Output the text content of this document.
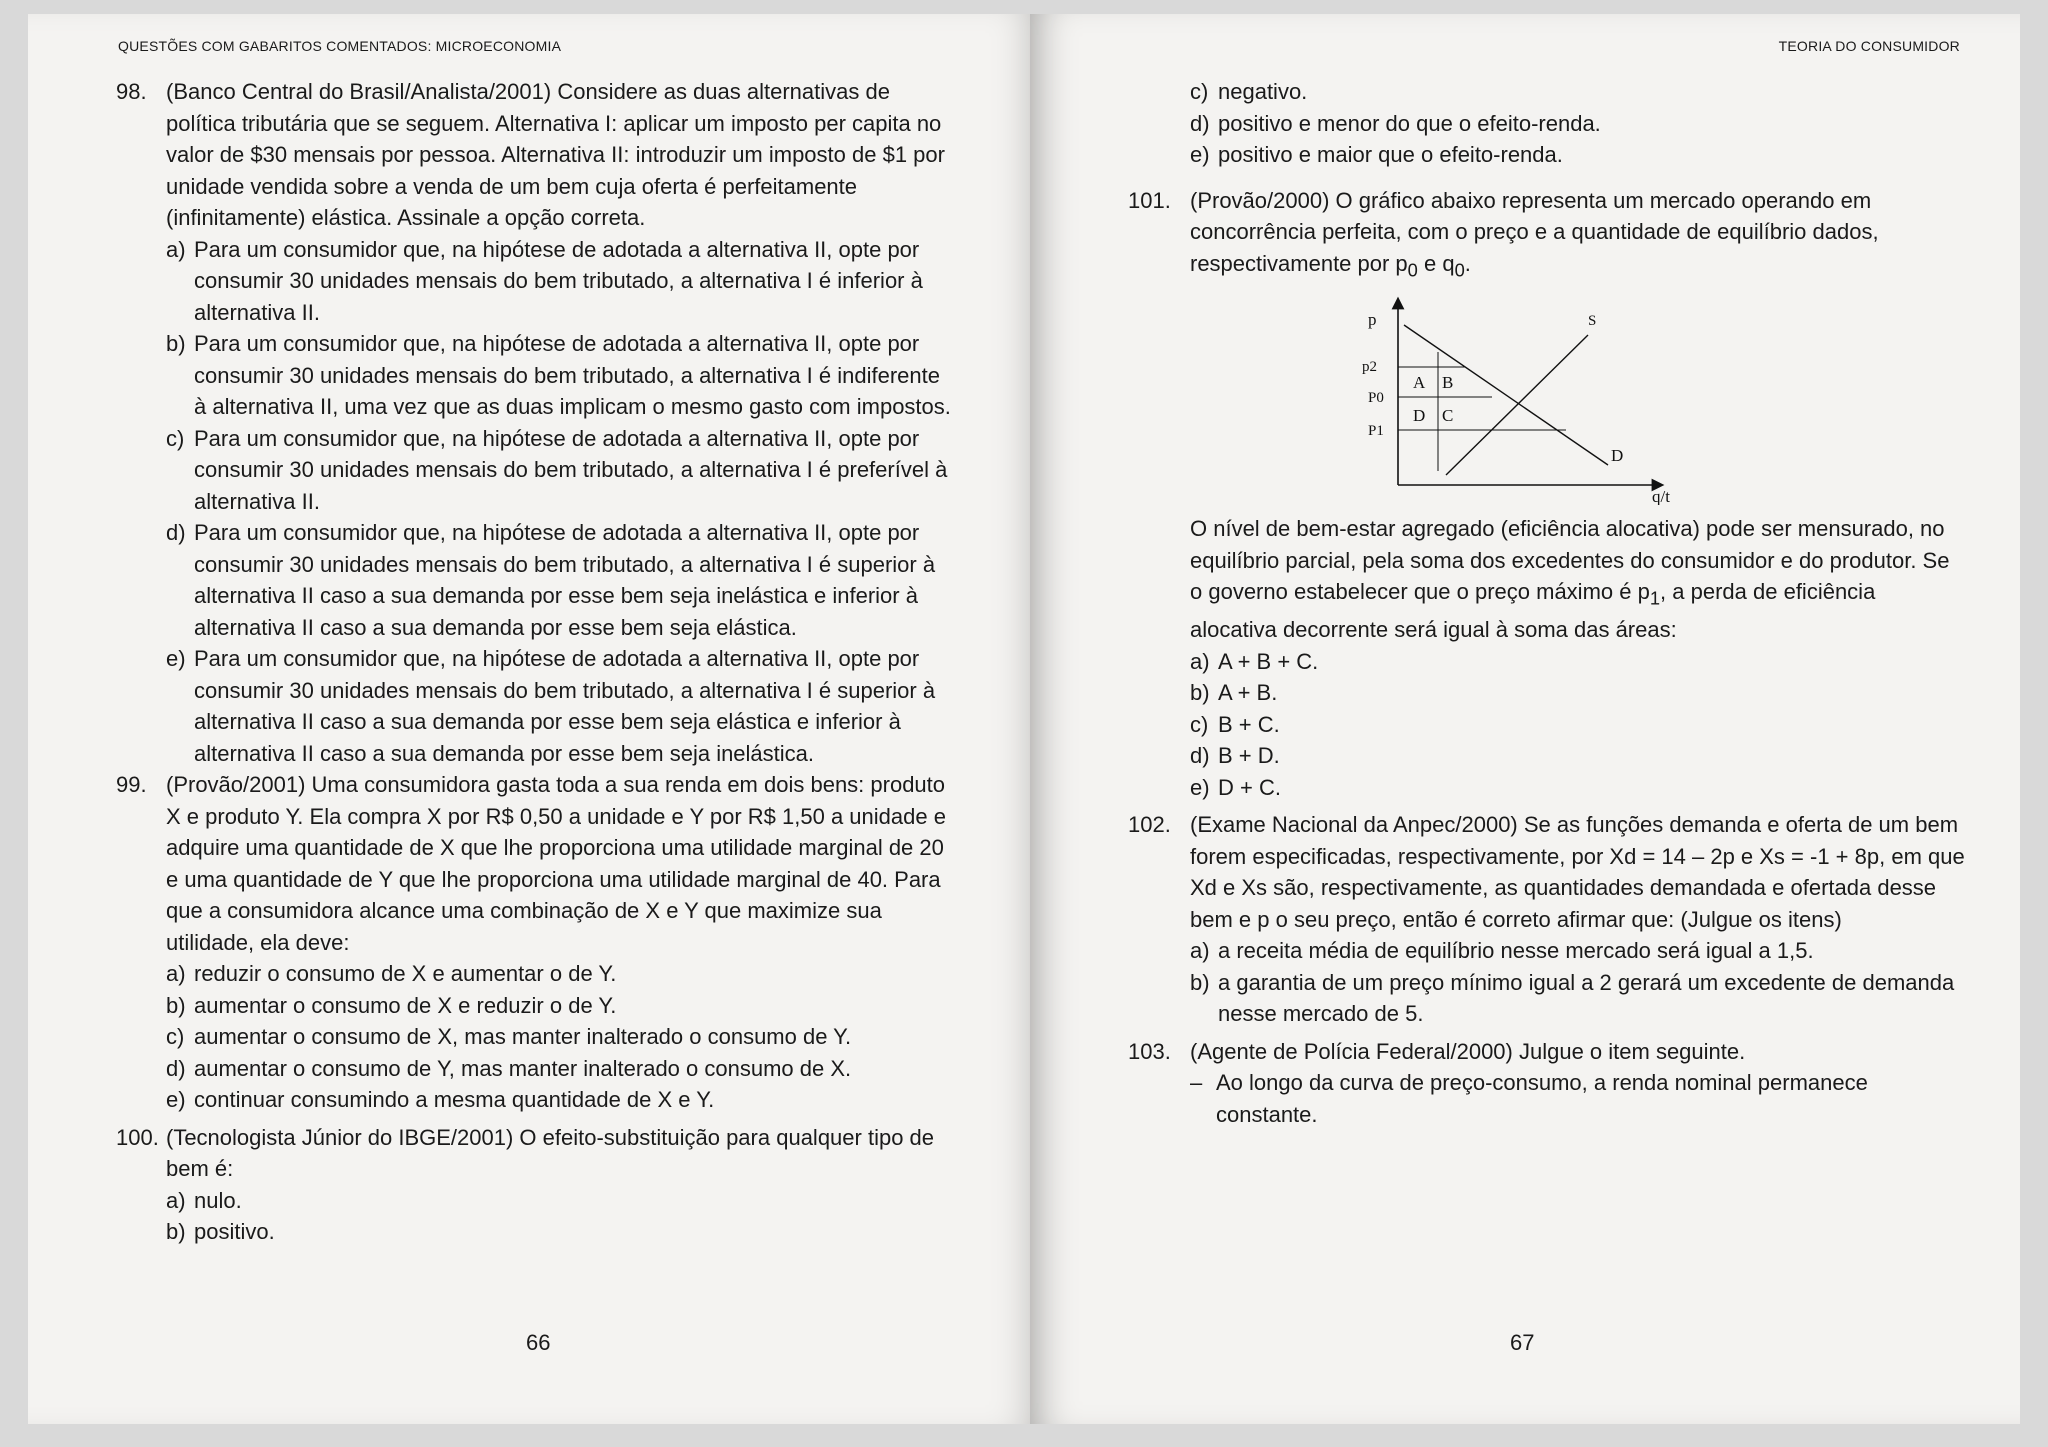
QUESTÕES COM GABARITOS COMENTADOS: MICROECONOMIA
98. (Banco Central do Brasil/Analista/2001) Considere as duas alternativas de política tributária que se seguem. Alternativa I: aplicar um imposto per capita no valor de $30 mensais por pessoa. Alternativa II: introduzir um imposto de $1 por unidade vendida sobre a venda de um bem cuja oferta é perfeitamente (infinitamente) elástica. Assinale a opção correta.
a) Para um consumidor que, na hipótese de adotada a alternativa II, opte por consumir 30 unidades mensais do bem tributado, a alternativa I é inferior à alternativa II.
b) Para um consumidor que, na hipótese de adotada a alternativa II, opte por consumir 30 unidades mensais do bem tributado, a alternativa I é indiferente à alternativa II, uma vez que as duas implicam o mesmo gasto com impostos.
c) Para um consumidor que, na hipótese de adotada a alternativa II, opte por consumir 30 unidades mensais do bem tributado, a alternativa I é preferível à alternativa II.
d) Para um consumidor que, na hipótese de adotada a alternativa II, opte por consumir 30 unidades mensais do bem tributado, a alternativa I é superior à alternativa II caso a sua demanda por esse bem seja inelástica e inferior à alternativa II caso a sua demanda por esse bem seja elástica.
e) Para um consumidor que, na hipótese de adotada a alternativa II, opte por consumir 30 unidades mensais do bem tributado, a alternativa I é superior à alternativa II caso a sua demanda por esse bem seja elástica e inferior à alternativa II caso a sua demanda por esse bem seja inelástica.
99. (Provão/2001) Uma consumidora gasta toda a sua renda em dois bens: produto X e produto Y. Ela compra X por R$ 0,50 a unidade e Y por R$ 1,50 a unidade e adquire uma quantidade de X que lhe proporciona uma utilidade marginal de 20 e uma quantidade de Y que lhe proporciona uma utilidade marginal de 40. Para que a consumidora alcance uma combinação de X e Y que maximize sua utilidade, ela deve:
a) reduzir o consumo de X e aumentar o de Y.
b) aumentar o consumo de X e reduzir o de Y.
c) aumentar o consumo de X, mas manter inalterado o consumo de Y.
d) aumentar o consumo de Y, mas manter inalterado o consumo de X.
e) continuar consumindo a mesma quantidade de X e Y.
100. (Tecnologista Júnior do IBGE/2001) O efeito-substituição para qualquer tipo de bem é:
a) nulo.
b) positivo.
66
TEORIA DO CONSUMIDOR
c) negativo.
d) positivo e menor do que o efeito-renda.
e) positivo e maior que o efeito-renda.
101. (Provão/2000) O gráfico abaixo representa um mercado operando em concorrência perfeita, com o preço e a quantidade de equilíbrio dados, respectivamente por $p_0$ e $q_0$.
p
q/t
p2
P0
P1
S
D
A B
D C
O nível de bem-estar agregado (eficiência alocativa) pode ser mensurado, no equilíbrio parcial, pela soma dos excedentes do consumidor e do produtor. Se o governo estabelecer que o preço máximo é $p_1$, a perda de eficiência alocativa decorrente será igual à soma das áreas:
a) A + B + C.
b) A + B.
c) B + C.
d) B + D.
e) D + C.
102. (Exame Nacional da Anpec/2000) Se as funções demanda e oferta de um bem forem especificadas, respectivamente, por Xd = 14 – 2p e Xs = -1 + 8p, em que Xd e Xs são, respectivamente, as quantidades demandada e ofertada desse bem e p o seu preço, então é correto afirmar que: (Julgue os itens)
a) a receita média de equilíbrio nesse mercado será igual a 1,5.
b) a garantia de um preço mínimo igual a 2 gerará um excedente de demanda nesse mercado de 5.
103. (Agente de Polícia Federal/2000) Julgue o item seguinte.
– Ao longo da curva de preço-consumo, a renda nominal permanece constante.
67
